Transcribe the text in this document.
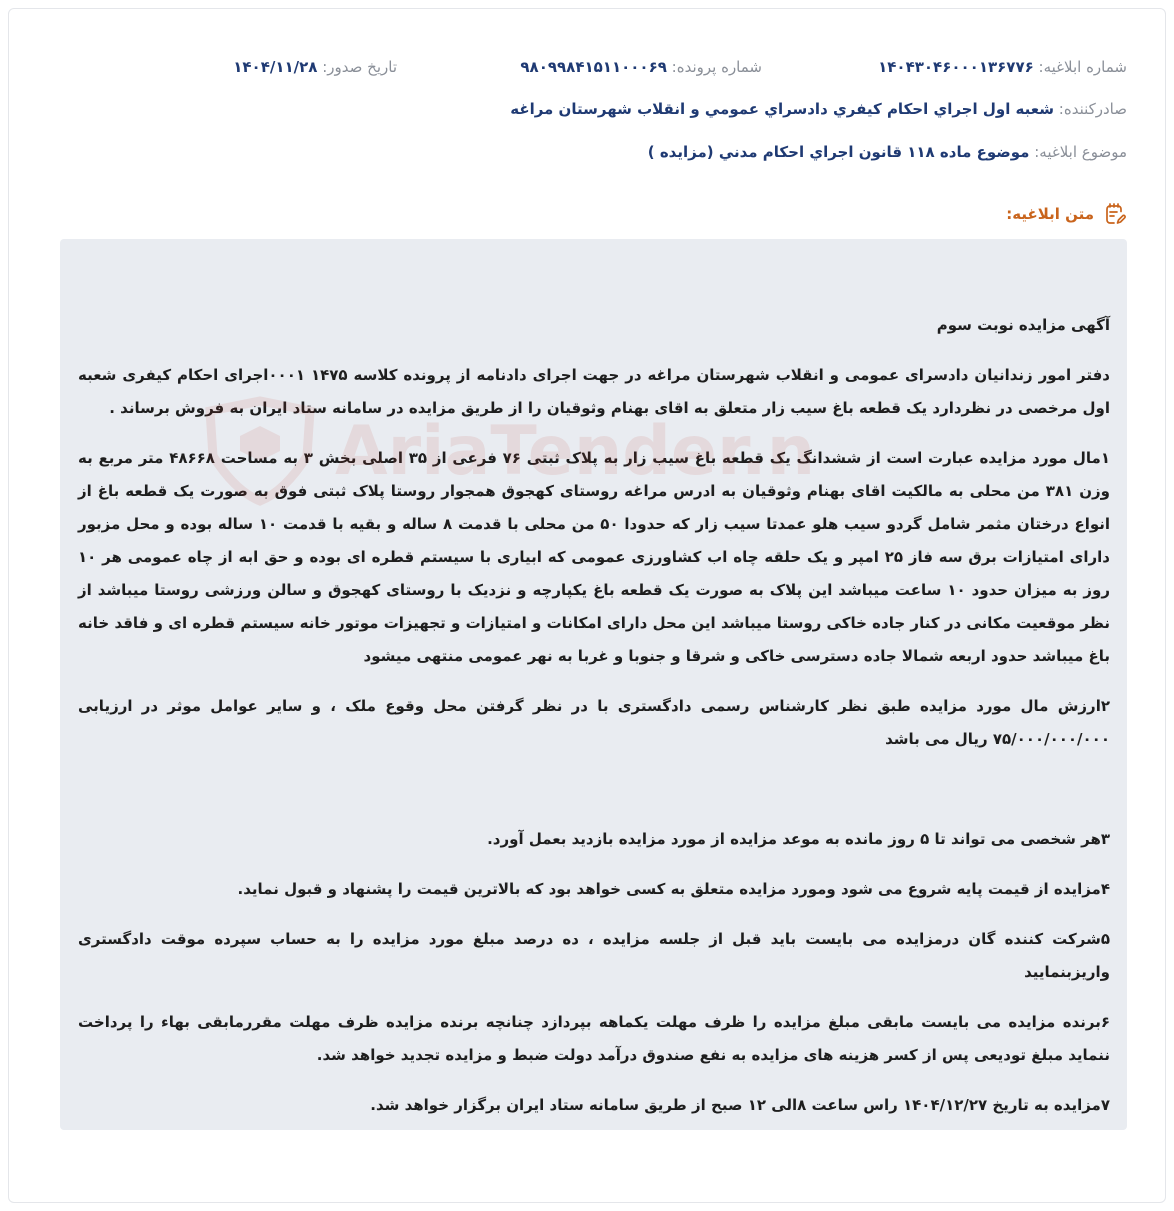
شماره ابلاغيه: ۱۴۰۴۳۰۴۶۰۰۰۱۳۶۷۷۶
شماره پرونده: ۹۸۰۹۹۸۴۱۵۱۱۰۰۰۶۹
تاريخ صدور: ۱۴۰۴/۱۱/۲۸
صادرکننده: شعبه اول اجراي احکام کيفري دادسراي عمومي و انقلاب شهرستان مراغه
موضوع ابلاغيه: موضوع ماده ۱۱۸ قانون اجراي احکام مدني (مزايده )
متن ابلاغيه:

آگهی مزایده نوبت سوم

دفتر امور زندانیان دادسرای عمومی و انقلاب شهرستان مراغه در جهت اجرای دادنامه از پرونده کلاسه ۱۴۷۵ ۰۰۰۱اجرای احکام کیفری شعبه اول مرخصی در نظردارد یک قطعه باغ سیب زار متعلق به اقای بهنام وثوقیان را از طریق مزایده در سامانه ستاد ایران به فروش برساند .

۱مال مورد مزایده عبارت است از ششدانگ یک قطعه باغ سیب زار به پلاک ثبتی ۷۶ فرعی از ۳۵ اصلی بخش ۳ به مساحت ۴۸۶۶۸ متر مربع به وزن ۳۸۱ من محلی به مالکیت اقای بهنام وثوقیان به ادرس مراغه روستای کهجوق همجوار روستا پلاک ثبتی فوق به صورت یک قطعه باغ از انواع درختان مثمر شامل گردو سیب هلو عمدتا سیب زار که حدودا ۵۰ من محلی با قدمت ۸ ساله و بقیه با قدمت ۱۰ ساله بوده و محل مزبور دارای امتیازات برق سه فاز ۲۵ امپر و یک حلقه چاه اب کشاورزی عمومی که ابیاری با سیستم قطره ای بوده و حق ابه از چاه عمومی هر ۱۰ روز به میزان حدود ۱۰ ساعت میباشد این پلاک به صورت یک قطعه باغ یکپارچه و نزدیک با روستای کهجوق و سالن ورزشی روستا میباشد از نظر موقعیت مکانی در کنار جاده خاکی روستا میباشد این محل دارای امکانات و امتیازات و تجهیزات موتور خانه سیستم قطره ای و فاقد خانه باغ میباشد حدود اربعه شمالا جاده دسترسی خاکی و شرقا و جنوبا و غربا به نهر عمومی منتهی میشود

۲ارزش مال مورد مزایده طبق نظر کارشناس رسمی دادگستری با در نظر گرفتن محل وقوع ملک ، و سایر عوامل موثر در ارزیابی ۷۵/۰۰۰/۰۰۰/۰۰۰ ریال می باشد

۳هر شخصی می تواند تا ۵ روز مانده به موعد مزایده از مورد مزایده بازدید بعمل آورد.

۴مزایده از قیمت پایه شروع می شود ومورد مزایده متعلق به کسی خواهد بود که بالاترین قیمت را پشنهاد و قبول نماید.

۵شرکت کننده گان درمزایده می بایست باید قبل از جلسه مزایده ، ده درصد مبلغ مورد مزایده را به حساب سپرده موقت دادگستری واریزبنمایید

۶برنده مزایده می بایست مابقی مبلغ مزایده را ظرف مهلت یکماهه بپردازد چنانچه برنده مزایده ظرف مهلت مقررمابقی بهاء را پرداخت ننماید مبلغ تودیعی پس از کسر هزینه های مزایده به نفع صندوق درآمد دولت ضبط و مزایده تجدید خواهد شد.

۷مزایده به تاریخ ۱۴۰۴/۱۲/۲۷ راس ساعت ۸الی ۱۲ صبح از طریق سامانه ستاد ایران برگزار خواهد شد.
